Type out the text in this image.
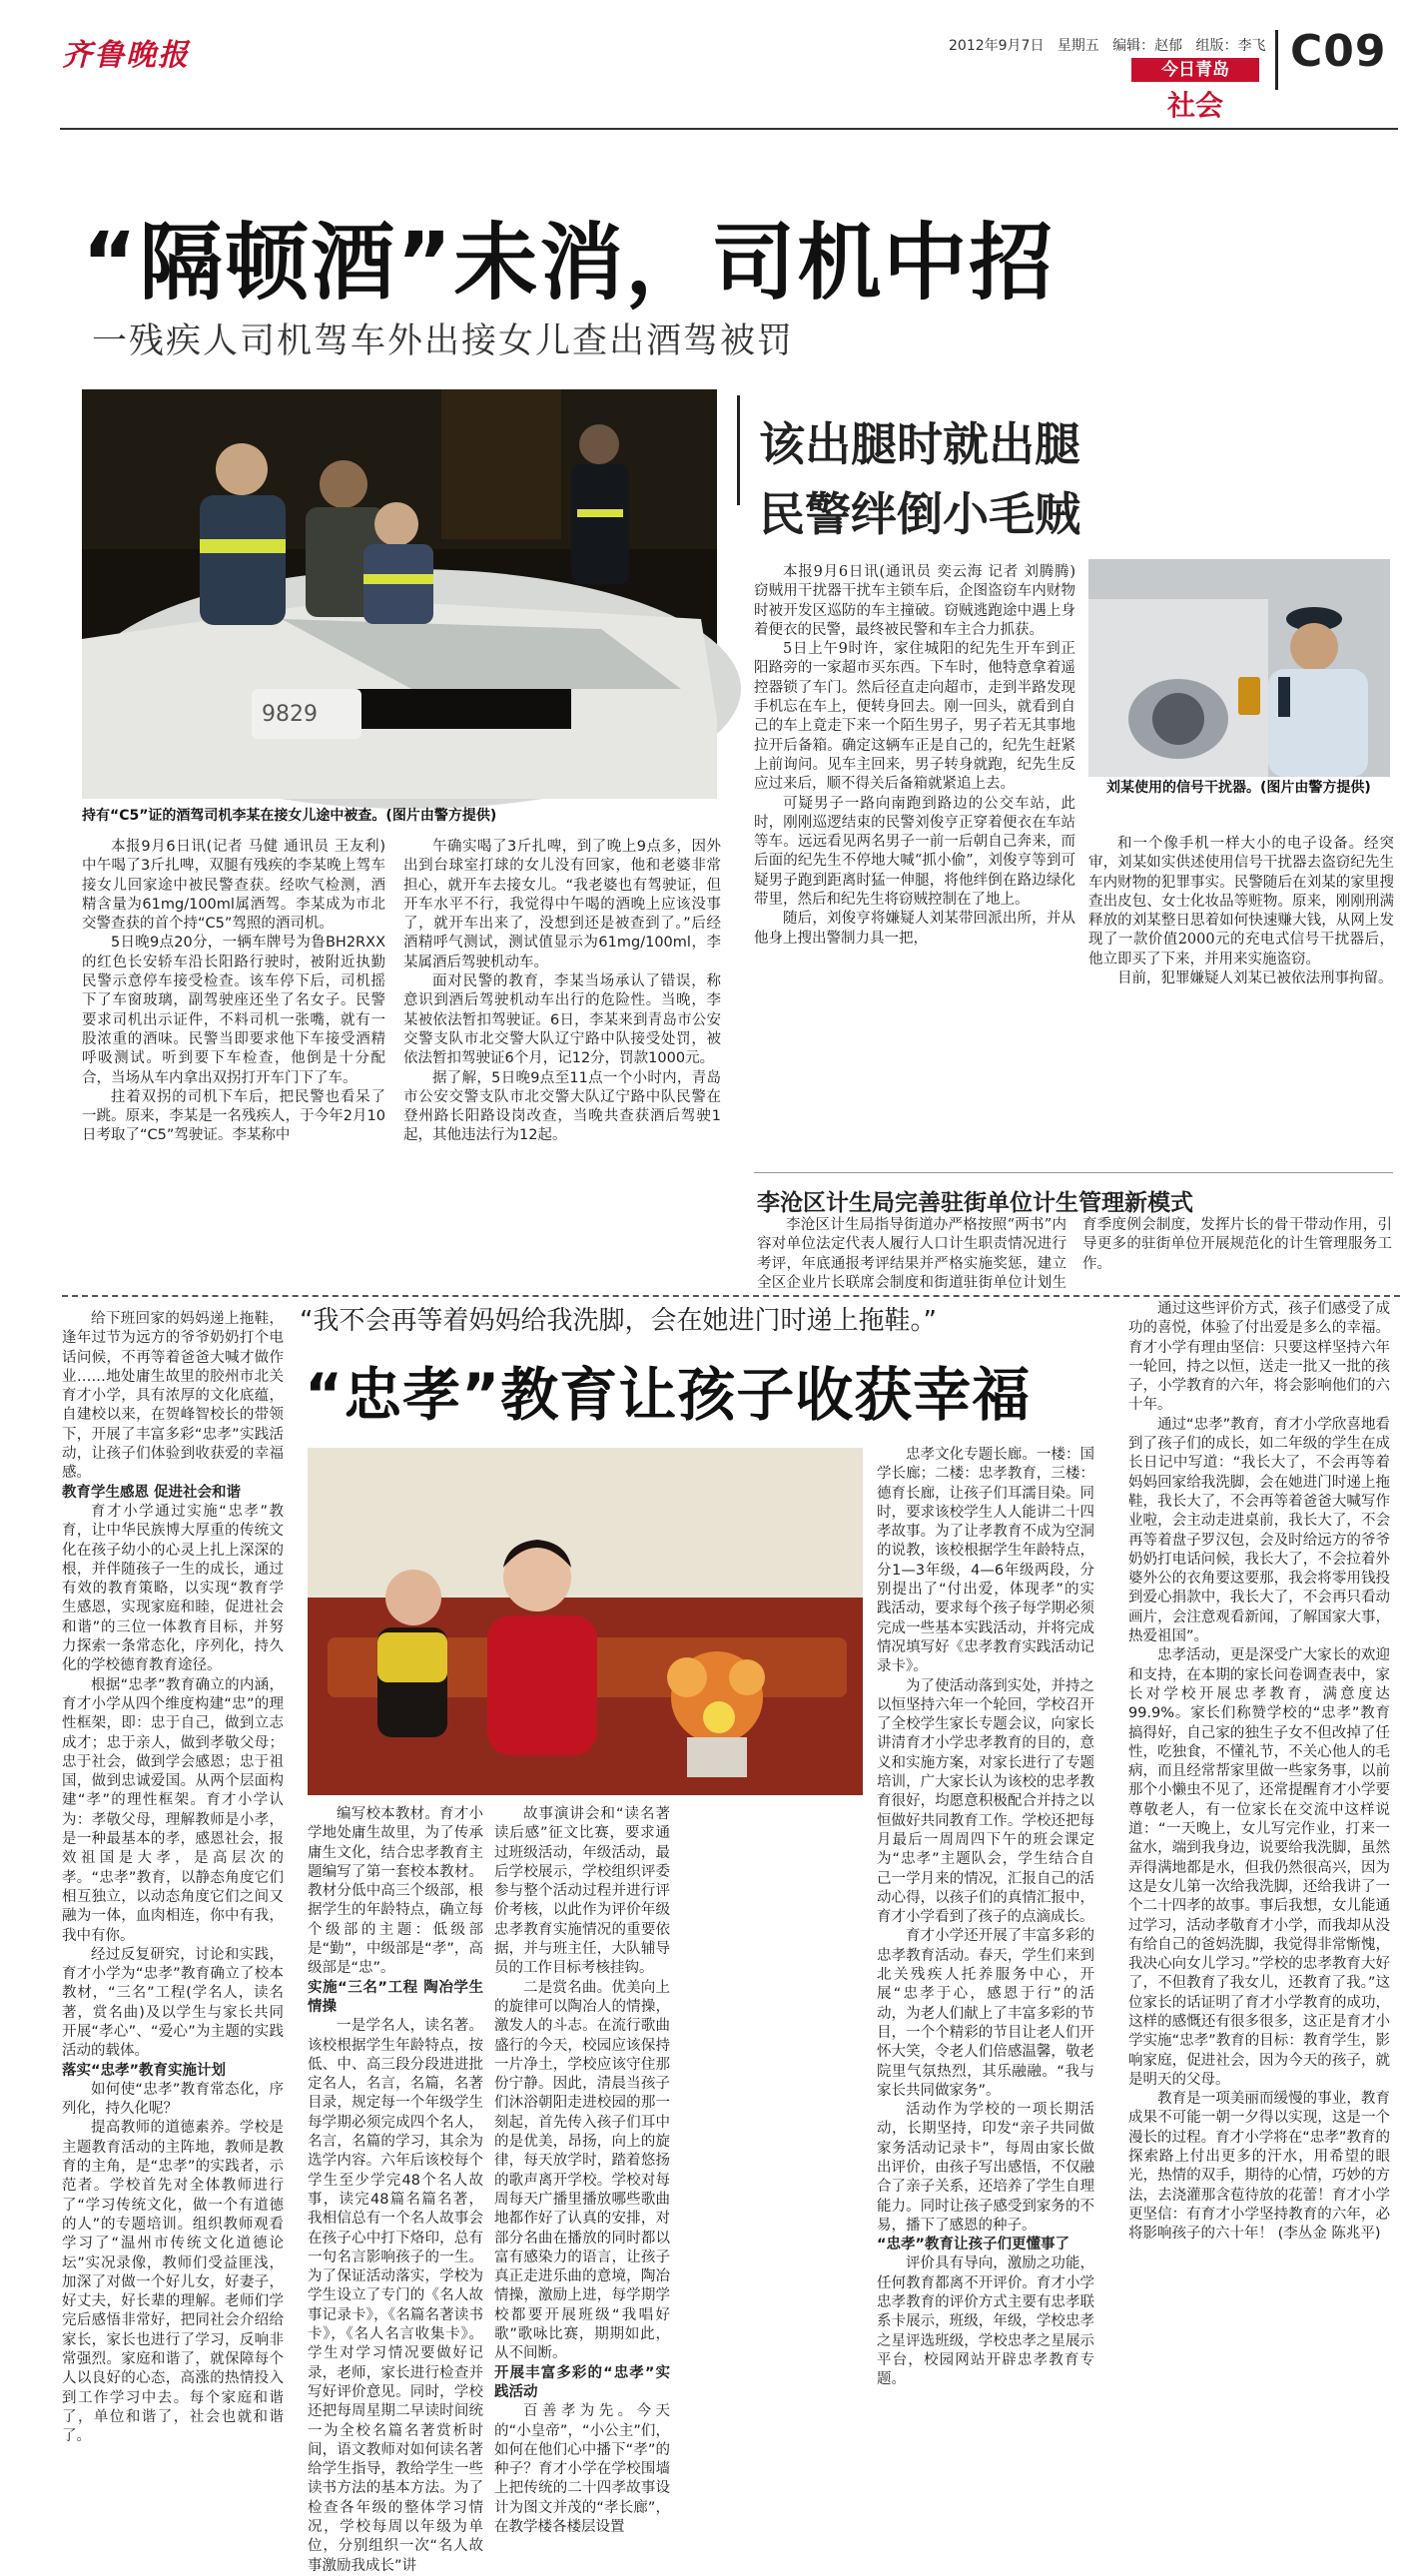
齐鲁晚报	2012年9月7日 星期五 编辑：赵郁 组版：李飞
今日青岛
社会
C09
“隔顿酒”未消，司机中招
一残疾人司机驾车外出接女儿查出酒驾被罚
9829
持有“C5”证的酒驾司机李某在接女儿途中被查。(图片由警方提供)

本报9月6日讯(记者 马健 通讯员 王友利) 中午喝了3斤扎啤，双腿有残疾的李某晚上驾车接女儿回家途中被民警查获。经吹气检测，酒精含量为61mg/100ml属酒驾。李某成为市北交警查获的首个持“C5”驾照的酒司机。

5日晚9点20分，一辆车牌号为鲁BH2RXX的红色长安轿车沿长阳路行驶时，被附近执勤民警示意停车接受检查。该车停下后，司机摇下了车窗玻璃，副驾驶座还坐了名女子。民警要求司机出示证件，不料司机一张嘴，就有一股浓重的酒味。民警当即要求他下车接受酒精呼吸测试。听到要下车检查，他倒是十分配合，当场从车内拿出双拐打开车门下了车。

拄着双拐的司机下车后，把民警也看呆了一跳。原来，李某是一名残疾人，于今年2月10日考取了“C5”驾驶证。李某称中

午确实喝了3斤扎啤，到了晚上9点多，因外出到台球室打球的女儿没有回家，他和老婆非常担心，就开车去接女儿。“我老婆也有驾驶证，但开车水平不行，我觉得中午喝的酒晚上应该没事了，就开车出来了，没想到还是被查到了。”后经酒精呼气测试，测试值显示为61mg/100ml，李某属酒后驾驶机动车。

面对民警的教育，李某当场承认了错误，称意识到酒后驾驶机动车出行的危险性。当晚，李某被依法暂扣驾驶证。6日，李某来到青岛市公安交警支队市北交警大队辽宁路中队接受处罚，被依法暂扣驾驶证6个月，记12分，罚款1000元。

据了解，5日晚9点至11点一个小时内，青岛市公安交警支队市北交警大队辽宁路中队民警在登州路长阳路设岗改查，当晚共查获酒后驾驶1起，其他违法行为12起。

该出腿时就出腿
民警绊倒小毛贼

本报9月6日讯(通讯员 奕云海 记者 刘腾腾) 窃贼用干扰器干扰车主锁车后，企图盗窃车内财物时被开发区巡防的车主撞破。窃贼逃跑途中遇上身着便衣的民警，最终被民警和车主合力抓获。

5日上午9时许，家住城阳的纪先生开车到正阳路旁的一家超市买东西。下车时，他特意拿着遥控器锁了车门。然后径直走向超市，走到半路发现手机忘在车上，便转身回去。刚一回头，就看到自己的车上竟走下来一个陌生男子，男子若无其事地拉开后备箱。确定这辆车正是自己的，纪先生赶紧上前询问。见车主回来，男子转身就跑，纪先生反应过来后，顺不得关后备箱就紧追上去。

可疑男子一路向南跑到路边的公交车站，此时，刚刚巡逻结束的民警刘俊亨正穿着便衣在车站等车。远远看见两名男子一前一后朝自己奔来，而后面的纪先生不停地大喊“抓小偷”，刘俊亨等到可疑男子跑到距离时猛一伸腿，将他绊倒在路边绿化带里，然后和纪先生将窃贼控制在了地上。

随后，刘俊亨将嫌疑人刘某带回派出所，并从他身上搜出警制力具一把，

刘某使用的信号干扰器。(图片由警方提供)

和一个像手机一样大小的电子设备。经突审，刘某如实供述使用信号干扰器去盗窃纪先生车内财物的犯罪事实。民警随后在刘某的家里搜查出皮包、女士化妆品等赃物。原来，刚刚刑满释放的刘某整日思着如何快速赚大钱，从网上发现了一款价值2000元的充电式信号干扰器后，他立即买了下来，并用来实施盗窃。

目前，犯罪嫌疑人刘某已被依法刑事拘留。

李沧区计生局完善驻街单位计生管理新模式

李沧区计生局指导街道办严格按照“两书”内容对单位法定代表人履行人口计生职责情况进行考评，年底通报考评结果并严格实施奖惩，建立全区企业片长联席会制度和街道驻街单位计划生育季度例会制度，发挥片长的骨干带动作用，引导更多的驻街单位开展规范化的计生管理服务工作。

给下班回家的妈妈递上拖鞋，逢年过节为远方的爷爷奶奶打个电话问候，不再等着爸爸大喊才做作业……地处庸生故里的胶州市北关育才小学，具有浓厚的文化底蕴，自建校以来，在贺峰智校长的带领下，开展了丰富多彩“忠孝”实践活动，让孩子们体验到收获爱的幸福感。

教育学生感恩 促进社会和谐

育才小学通过实施“忠孝”教育，让中华民族博大厚重的传统文化在孩子幼小的心灵上扎上深深的根，并伴随孩子一生的成长，通过有效的教育策略，以实现“教育学生感恩，实现家庭和睦，促进社会和谐”的三位一体教育目标，并努力探索一条常态化，序列化，持久化的学校德育教育途径。

根据“忠孝”教育确立的内涵，育才小学从四个维度构建“忠”的理性框架，即：忠于自己，做到立志成才；忠于亲人，做到孝敬父母；忠于社会，做到学会感恩；忠于祖国，做到忠诚爱国。从两个层面构建“孝”的理性框架。育才小学认为：孝敬父母，理解教师是小孝，是一种最基本的孝，感恩社会，报效祖国是大孝，是高层次的孝。“忠孝”教育，以静态角度它们相互独立，以动态角度它们之间又融为一体，血肉相连，你中有我，我中有你。

经过反复研究，讨论和实践，育才小学为“忠孝”教育确立了校本教材，“三名”工程(学名人，读名著，赏名曲)及以学生与家长共同开展“孝心”、“爱心”为主题的实践活动的载体。

落实“忠孝”教育实施计划

如何使“忠孝”教育常态化，序列化，持久化呢？

提高教师的道德素养。学校是主题教育活动的主阵地，教师是教育的主角，是“忠孝”的实践者，示范者。学校首先对全体教师进行了“学习传统文化，做一个有道德的人”的专题培训。组织教师观看学习了“温州市传统文化道德论坛”实况录像，教师们受益匪浅，加深了对做一个好儿女，好妻子，好丈夫，好长辈的理解。老师们学完后感悟非常好，把同社会介绍给家长，家长也进行了学习，反响非常强烈。家庭和谐了，就保障每个人以良好的心态，高涨的热情投入到工作学习中去。每个家庭和谐了，单位和谐了，社会也就和谐了。

“我不会再等着妈妈给我洗脚，会在她进门时递上拖鞋。”
“忠孝”教育让孩子收获幸福

编写校本教材。育才小学地处庸生故里，为了传承庸生文化，结合忠孝教育主题编写了第一套校本教材。教材分低中高三个级部，根据学生的年龄特点，确立每个级部的主题：低级部是“勤”，中级部是“孝”，高级部是“忠”。

实施“三名”工程 陶冶学生情操

一是学名人，读名著。该校根据学生年龄特点，按低、中、高三段分段进进批定名人，名言，名篇，名著目录，规定每一个年级学生每学期必须完成四个名人，名言，名篇的学习，其余为选学内容。六年后该校每个学生至少学完48个名人故事，读完48篇名篇名著，我相信总有一个名人故事会在孩子心中打下烙印，总有一句名言影响孩子的一生。为了保证活动落实，学校为学生设立了专门的《名人故事记录卡》，《名篇名著读书卡》，《名人名言收集卡》。学生对学习情况要做好记录，老师，家长进行检查并写好评价意见。同时，学校还把每周星期二早读时间统一为全校名篇名著赏析时间，语文教师对如何读名著给学生指导，教给学生一些读书方法的基本方法。为了检查各年级的整体学习情况，学校每周以年级为单位，分别组织一次“名人故事激励我成长”讲

故事演讲会和“读名著读后感”征文比赛，要求通过班级活动，年级活动，最后学校展示，学校组织评委参与整个活动过程并进行评价考核，以此作为评价年级忠孝教育实施情况的重要依据，并与班主任，大队辅导员的工作目标考核挂钩。

二是赏名曲。优美向上的旋律可以陶冶人的情操，激发人的斗志。在流行歌曲盛行的今天，校园应该保持一片净土，学校应该守住那份宁静。因此，清晨当孩子们沐浴朝阳走进校园的那一刻起，首先传入孩子们耳中的是优美，昂扬，向上的旋律，每天放学时，踏着悠扬的歌声离开学校。学校对每周每天广播里播放哪些歌曲地都作好了认真的安排，对部分名曲在播放的同时都以富有感染力的语言，让孩子真正走进乐曲的意境，陶冶情操，激励上进，每学期学校都要开展班级“我唱好歌”歌咏比赛，期期如此，从不间断。

开展丰富多彩的“忠孝”实践活动

百善孝为先。今天的“小皇帝”，“小公主”们，如何在他们心中播下“孝”的种子？育才小学在学校围墙上把传统的二十四孝故事设计为图文并茂的“孝长廊”，在教学楼各楼层设置

忠孝文化专题长廊。一楼：国学长廊；二楼：忠孝教育，三楼：德育长廊，让孩子们耳濡目染。同时，要求该校学生人人能讲二十四孝故事。为了让孝教育不成为空洞的说教，该校根据学生年龄特点，分1—3年级，4—6年级两段，分别提出了“付出爱，体现孝”的实践活动，要求每个孩子每学期必须完成一些基本实践活动，并将完成情况填写好《忠孝教育实践活动记录卡》。

为了使活动落到实处，并持之以恒坚持六年一个轮回，学校召开了全校学生家长专题会议，向家长讲清育才小学忠孝教育的目的，意义和实施方案，对家长进行了专题培训，广大家长认为该校的忠孝教育很好，均愿意积极配合并持之以恒做好共同教育工作。学校还把每月最后一周周四下午的班会课定为“忠孝”主题队会，学生结合自己一学月来的情况，汇报自己的活动心得，以孩子们的真情汇报中，育才小学看到了孩子的点滴成长。

育才小学还开展了丰富多彩的忠孝教育活动。春天，学生们来到北关残疾人托养服务中心，开展“忠孝于心，感恩于行”的活动，为老人们献上了丰富多彩的节目，一个个精彩的节目让老人们开怀大笑，令老人们倍感温馨，敬老院里气氛热烈，其乐融融。“我与家长共同做家务”。

活动作为学校的一项长期活动，长期坚持，印发“亲子共同做家务活动记录卡”，每周由家长做出评价，由孩子写出感悟，不仅融合了亲子关系，还培养了学生自理能力。同时让孩子感受到家务的不易，播下了感恩的种子。

“忠孝”教育让孩子们更懂事了

评价具有导向，激励之功能，任何教育都离不开评价。育才小学忠孝教育的评价方式主要有忠孝联系卡展示，班级，年级，学校忠孝之星评选班级，学校忠孝之星展示平台，校园网站开辟忠孝教育专题。

通过这些评价方式，孩子们感受了成功的喜悦，体验了付出爱是多么的幸福。育才小学有理由坚信：只要这样坚持六年一轮回，持之以恒，送走一批又一批的孩子，小学教育的六年，将会影响他们的六十年。

通过“忠孝”教育，育才小学欣喜地看到了孩子们的成长，如二年级的学生在成长日记中写道：“我长大了，不会再等着妈妈回家给我洗脚，会在她进门时递上拖鞋，我长大了，不会再等着爸爸大喊写作业啦，会主动走进桌前，我长大了，不会再等着盘子罗汉包，会及时给远方的爷爷奶奶打电话问候，我长大了，不会拉着外婆外公的衣角要这要那，我会将零用钱投到爱心捐款中，我长大了，不会再只看动画片，会注意观看新闻，了解国家大事，热爱祖国”。

忠孝活动，更是深受广大家长的欢迎和支持，在本期的家长问卷调查表中，家长对学校开展忠孝教育，满意度达99.9%。家长们称赞学校的“忠孝”教育搞得好，自己家的独生子女不但改掉了任性，吃独食，不懂礼节，不关心他人的毛病，而且经常帮家里做一些家务事，以前那个小懒虫不见了，还常提醒育才小学要尊敬老人，有一位家长在交流中这样说道：“一天晚上，女儿写完作业，打来一盆水，端到我身边，说要给我洗脚，虽然弄得满地都是水，但我仍然很高兴，因为这是女儿第一次给我洗脚，还给我讲了一个二十四孝的故事。事后我想，女儿能通过学习，活动孝敬育才小学，而我却从没有给自己的爸妈洗脚，我觉得非常惭愧，我决心向女儿学习。”学校的忠孝教育大好了，不但教育了我女儿，还教育了我。”这位家长的话证明了育才小学教育的成功，这样的感慨还有很多很多，这正是育才小学实施“忠孝”教育的目标：教育学生，影响家庭，促进社会，因为今天的孩子，就是明天的父母。

教育是一项美丽而缓慢的事业，教育成果不可能一朝一夕得以实现，这是一个漫长的过程。育才小学将在“忠孝”教育的探索路上付出更多的汗水，用希望的眼光，热情的双手，期待的心情，巧妙的方法，去浇灌那含苞待放的花蕾！育才小学更坚信：有育才小学坚持教育的六年，必将影响孩子的六十年！ (李丛金 陈兆平)
